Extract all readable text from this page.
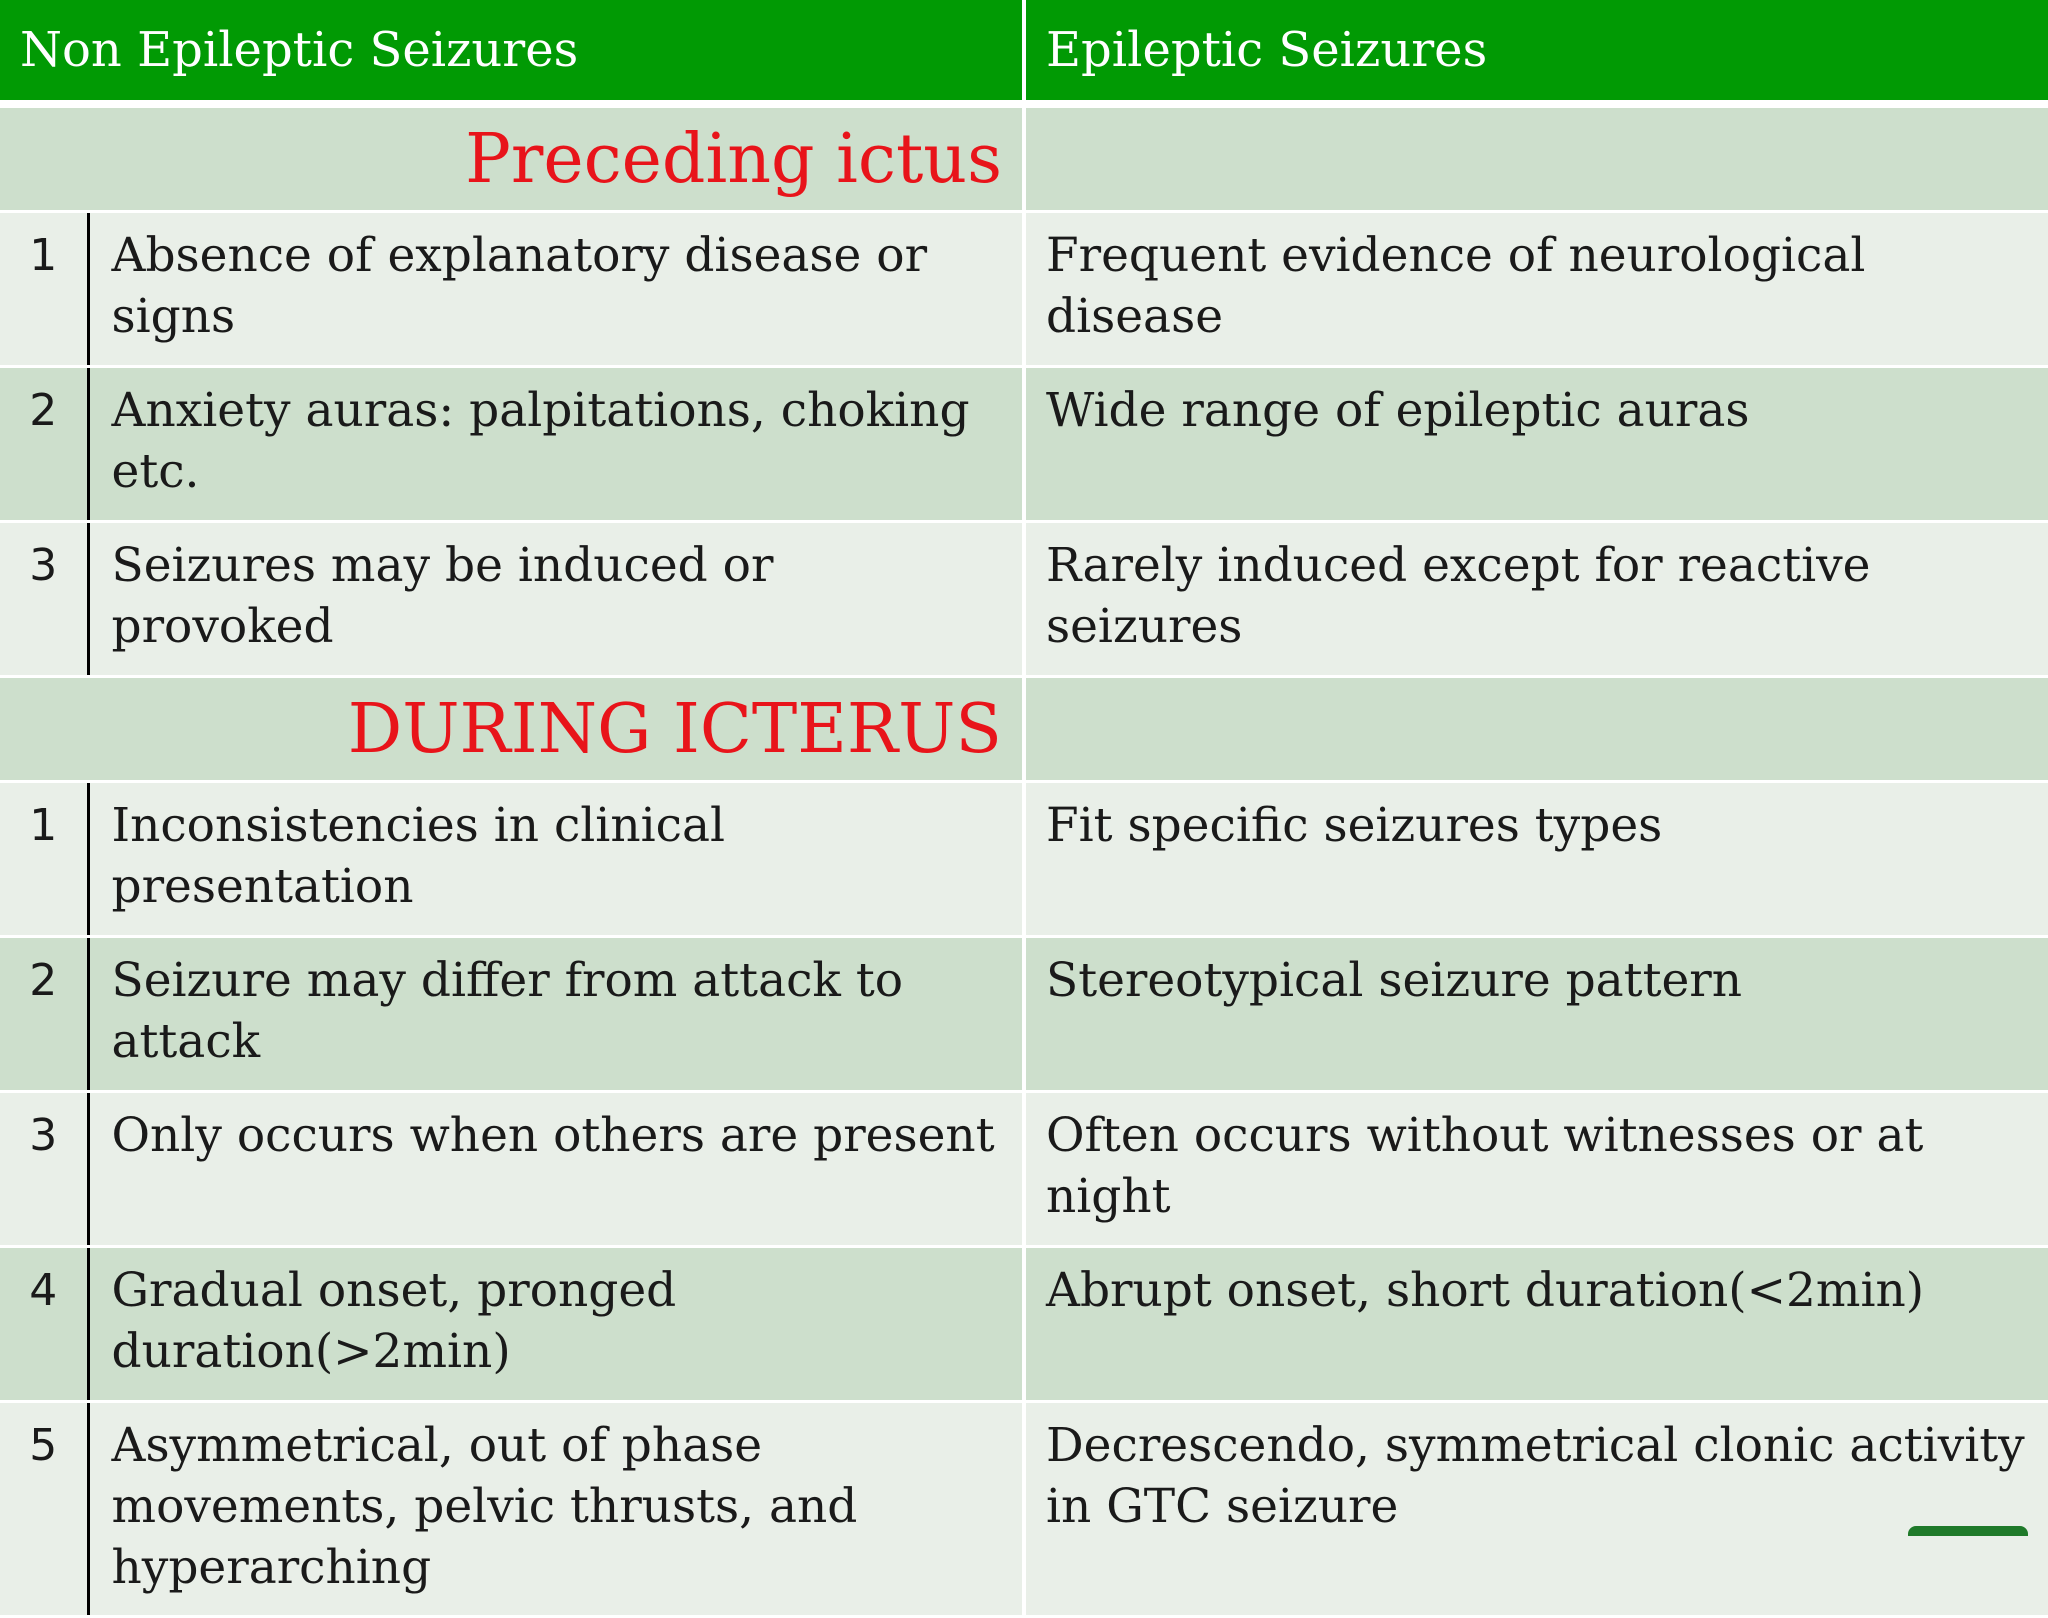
Non Epileptic Seizures		Epileptic Seizures
Preceding ictus		
1	Absence of explanatory disease or signs	Frequent evidence of neurological disease
2	Anxiety auras: palpitations, choking etc.	Wide range of epileptic auras
3	Seizures may be induced or provoked	Rarely induced except for reactive seizures
DURING ICTERUS		
1	Inconsistencies in clinical presentation	Fit specific seizures types
2	Seizure may differ from attack to attack	Stereotypical seizure pattern
3	Only occurs when others are present	Often occurs without witnesses or at night
4	Gradual onset, pronged duration(>2min)	Abrupt onset, short duration(<2min)
5	Asymmetrical, out of phase movements, pelvic thrusts, and hyperarching	Decrescendo, symmetrical clonic activity in GTC seizure
